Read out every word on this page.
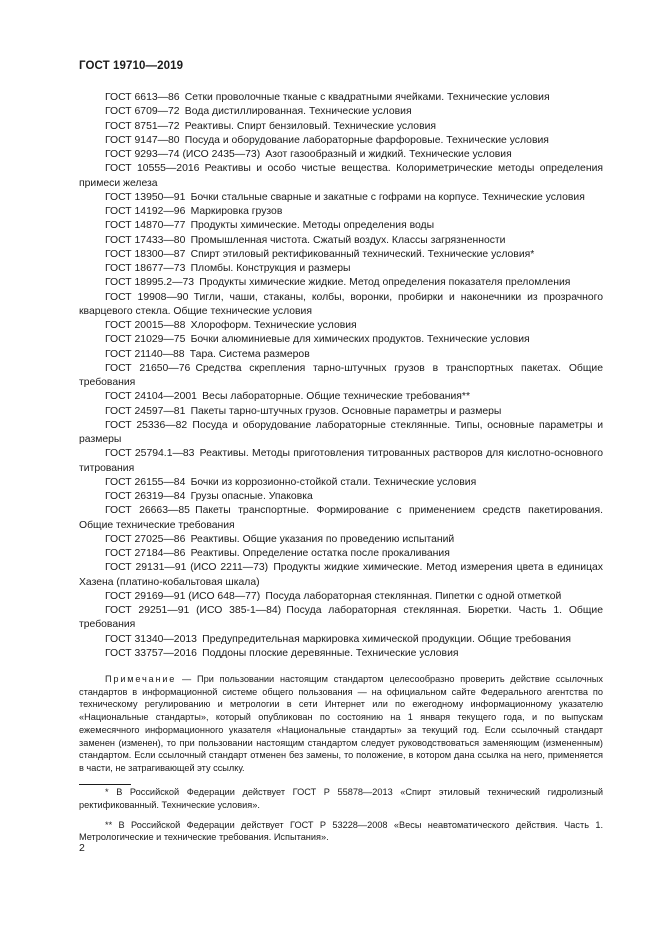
ГОСТ 19710—2019
ГОСТ 6613—86  Сетки проволочные тканые с квадратными ячейками. Технические условия
ГОСТ 6709—72  Вода дистиллированная. Технические условия
ГОСТ 8751—72  Реактивы. Спирт бензиловый. Технические условия
ГОСТ 9147—80  Посуда и оборудование лабораторные фарфоровые. Технические условия
ГОСТ 9293—74 (ИСО 2435—73)  Азот газообразный и жидкий. Технические условия
ГОСТ 10555—2016  Реактивы и особо чистые вещества. Колориметрические методы определения примеси железа
ГОСТ 13950—91  Бочки стальные сварные и закатные с гофрами на корпусе. Технические условия
ГОСТ 14192—96  Маркировка грузов
ГОСТ 14870—77  Продукты химические. Методы определения воды
ГОСТ 17433—80  Промышленная чистота. Сжатый воздух. Классы загрязненности
ГОСТ 18300—87  Спирт этиловый ректификованный технический. Технические условия*
ГОСТ 18677—73  Пломбы. Конструкция и размеры
ГОСТ 18995.2—73  Продукты химические жидкие. Метод определения показателя преломления
ГОСТ 19908—90  Тигли, чаши, стаканы, колбы, воронки, пробирки и наконечники из прозрачного кварцевого стекла. Общие технические условия
ГОСТ 20015—88  Хлороформ. Технические условия
ГОСТ 21029—75  Бочки алюминиевые для химических продуктов. Технические условия
ГОСТ 21140—88  Тара. Система размеров
ГОСТ 21650—76  Средства скрепления тарно-штучных грузов в транспортных пакетах. Общие требования
ГОСТ 24104—2001  Весы лабораторные. Общие технические требования**
ГОСТ 24597—81  Пакеты тарно-штучных грузов. Основные параметры и размеры
ГОСТ 25336—82  Посуда и оборудование лабораторные стеклянные. Типы, основные параметры и размеры
ГОСТ 25794.1—83  Реактивы. Методы приготовления титрованных растворов для кислотно-основного титрования
ГОСТ 26155—84  Бочки из коррозионно-стойкой стали. Технические условия
ГОСТ 26319—84  Грузы опасные. Упаковка
ГОСТ 26663—85  Пакеты транспортные. Формирование с применением средств пакетирования. Общие технические требования
ГОСТ 27025—86  Реактивы. Общие указания по проведению испытаний
ГОСТ 27184—86  Реактивы. Определение остатка после прокаливания
ГОСТ 29131—91 (ИСО 2211—73)  Продукты жидкие химические. Метод измерения цвета в единицах Хазена (платино-кобальтовая шкала)
ГОСТ 29169—91 (ИСО 648—77)  Посуда лабораторная стеклянная. Пипетки с одной отметкой
ГОСТ 29251—91 (ИСО 385-1—84)  Посуда лабораторная стеклянная. Бюретки. Часть 1. Общие требования
ГОСТ 31340—2013  Предупредительная маркировка химической продукции. Общие требования
ГОСТ 33757—2016  Поддоны плоские деревянные. Технические условия
Примечание — При пользовании настоящим стандартом целесообразно проверить действие ссылочных стандартов в информационной системе общего пользования — на официальном сайте Федерального агентства по техническому регулированию и метрологии в сети Интернет или по ежегодному информационному указателю «Национальные стандарты», который опубликован по состоянию на 1 января текущего года, и по выпускам ежемесячного информационного указателя «Национальные стандарты» за текущий год. Если ссылочный стандарт заменен (изменен), то при пользовании настоящим стандартом следует руководствоваться заменяющим (измененным) стандартом. Если ссылочный стандарт отменен без замены, то положение, в котором дана ссылка на него, применяется в части, не затрагивающей эту ссылку.
* В Российской Федерации действует ГОСТ Р 55878—2013 «Спирт этиловый технический гидролизный ректификованный. Технические условия».
** В Российской Федерации действует ГОСТ Р 53228—2008 «Весы неавтоматического действия. Часть 1. Метрологические и технические требования. Испытания».
2
